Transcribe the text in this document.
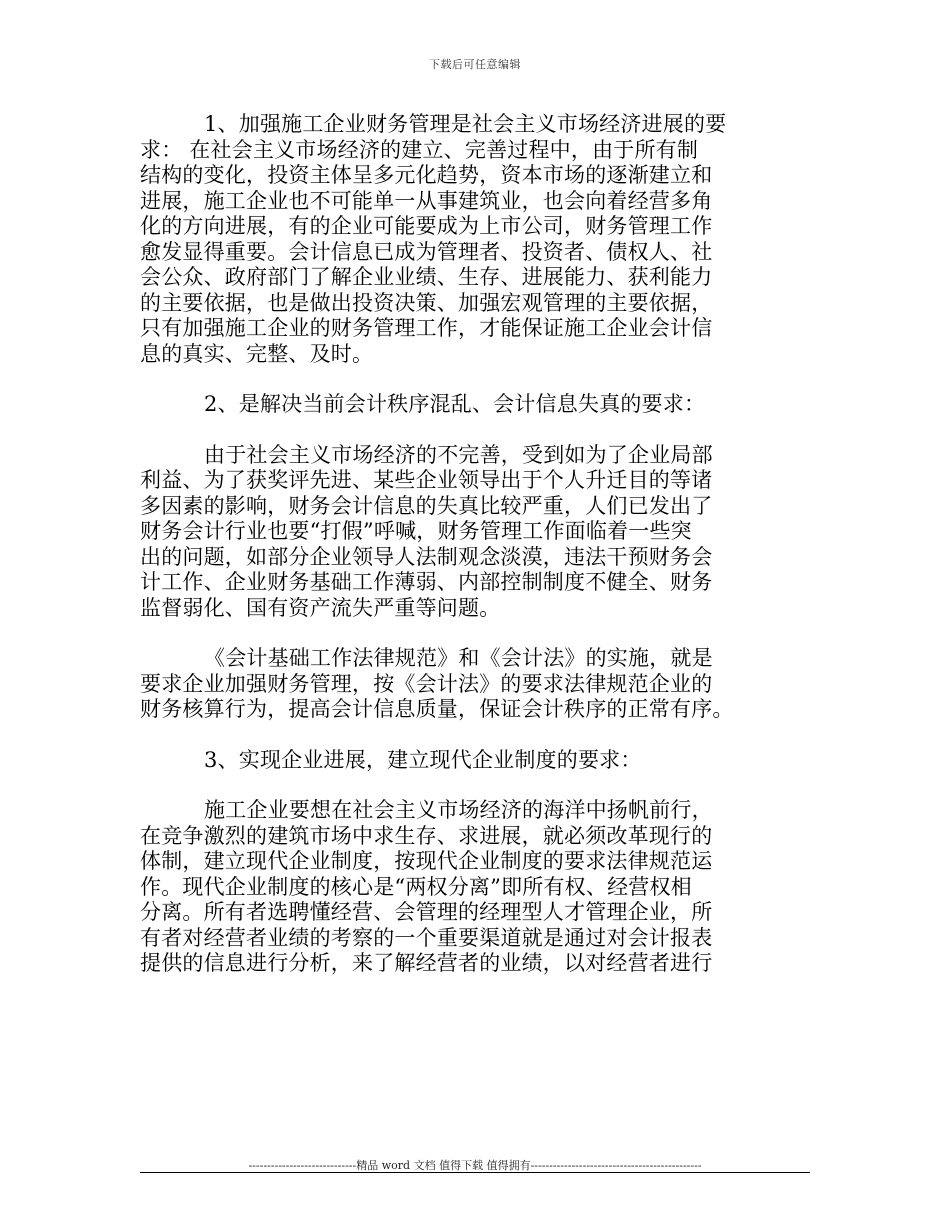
下载后可任意编辑
1、加强施工企业财务管理是社会主义市场经济进展的要
求： 在社会主义市场经济的建立、完善过程中，由于所有制
结构的变化，投资主体呈多元化趋势，资本市场的逐渐建立和
进展，施工企业也不可能单一从事建筑业，也会向着经营多角
化的方向进展，有的企业可能要成为上市公司，财务管理工作
愈发显得重要。会计信息已成为管理者、投资者、债权人、社
会公众、政府部门了解企业业绩、生存、进展能力、获利能力
的主要依据，也是做出投资决策、加强宏观管理的主要依据，
只有加强施工企业的财务管理工作，才能保证施工企业会计信
息的真实、完整、及时。
2、是解决当前会计秩序混乱、会计信息失真的要求：
由于社会主义市场经济的不完善，受到如为了企业局部
利益、为了获奖评先进、某些企业领导出于个人升迁目的等诸
多因素的影响，财务会计信息的失真比较严重，人们已发出了
财务会计行业也要“打假”呼喊，财务管理工作面临着一些突
出的问题，如部分企业领导人法制观念淡漠，违法干预财务会
计工作、企业财务基础工作薄弱、内部控制制度不健全、财务
监督弱化、国有资产流失严重等问题。
《会计基础工作法律规范》和《会计法》的实施，就是
要求企业加强财务管理，按《会计法》的要求法律规范企业的
财务核算行为，提高会计信息质量，保证会计秩序的正常有序。
3、实现企业进展，建立现代企业制度的要求：
施工企业要想在社会主义市场经济的海洋中扬帆前行，
在竞争激烈的建筑市场中求生存、求进展，就必须改革现行的
体制，建立现代企业制度，按现代企业制度的要求法律规范运
作。现代企业制度的核心是“两权分离”即所有权、经营权相
分离。所有者选聘懂经营、会管理的经理型人才管理企业，所
有者对经营者业绩的考察的一个重要渠道就是通过对会计报表
提供的信息进行分析，来了解经营者的业绩，以对经营者进行
-----------------------------精品 word 文档 值得下载 值得拥有----------------------------------------------
